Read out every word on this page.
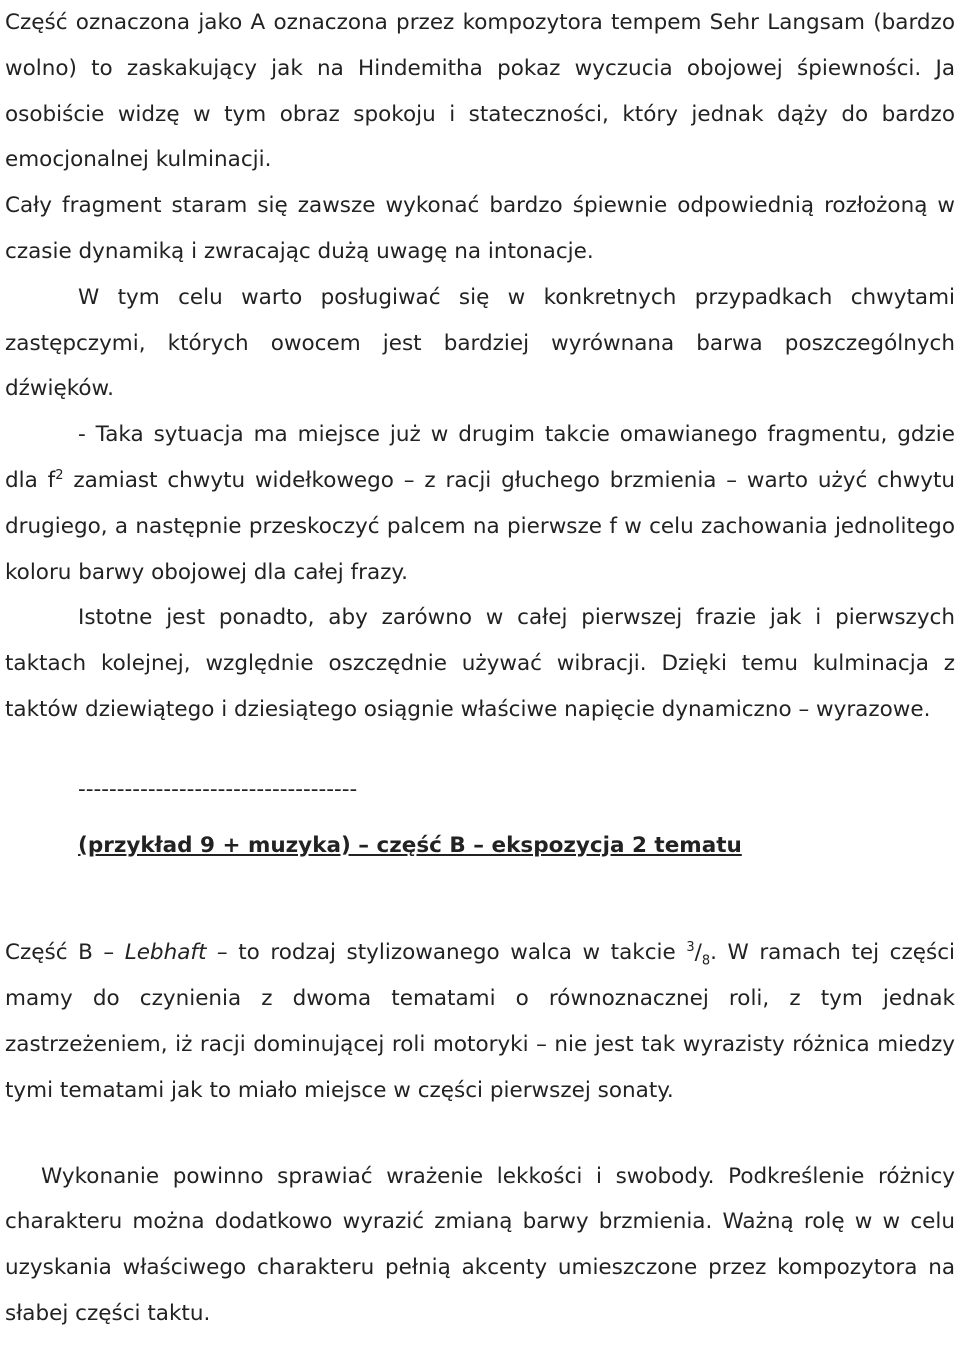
Część oznaczona jako A oznaczona przez kompozytora tempem Sehr Langsam (bardzo wolno) to zaskakujący jak na Hindemitha pokaz wyczucia obojowej śpiewności. Ja osobiście widzę w tym obraz spokoju i stateczności, który jednak dąży do bardzo emocjonalnej kulminacji.

Cały fragment staram się zawsze wykonać bardzo śpiewnie odpowiednią rozłożoną w czasie dynamiką i zwracając dużą uwagę na intonacje.

W tym celu warto posługiwać się w konkretnych przypadkach chwytami zastępczymi, których owocem jest bardziej wyrównana barwa poszczególnych dźwięków.

- Taka sytuacja ma miejsce już w drugim takcie omawianego fragmentu, gdzie dla $f^2$ zamiast chwytu widełkowego – z racji głuchego brzmienia – warto użyć chwytu drugiego, a następnie przeskoczyć palcem na pierwsze f w celu zachowania jednolitego koloru barwy obojowej dla całej frazy.

Istotne jest ponadto, aby zarówno w całej pierwszej frazie jak i pierwszych taktach kolejnej, względnie oszczędnie używać wibracji. Dzięki temu kulminacja z taktów dziewiątego i dziesiątego osiągnie właściwe napięcie dynamiczno – wyrazowe.

------------------------------------
(przykład 9 + muzyka) – część B – ekspozycja 2 tematu

Część B – Lebhaft – to rodzaj stylizowanego walca w takcie $^3/_8$. W ramach tej części mamy do czynienia z dwoma tematami o równoznacznej roli, z tym jednak zastrzeżeniem, iż racji dominującej roli motoryki – nie jest tak wyrazisty różnica miedzy tymi tematami jak to miało miejsce w części pierwszej sonaty.

Wykonanie powinno sprawiać wrażenie lekkości i swobody. Podkreślenie różnicy charakteru można dodatkowo wyrazić zmianą barwy brzmienia. Ważną rolę w w celu uzyskania właściwego charakteru pełnią akcenty umieszczone przez kompozytora na słabej części taktu.
